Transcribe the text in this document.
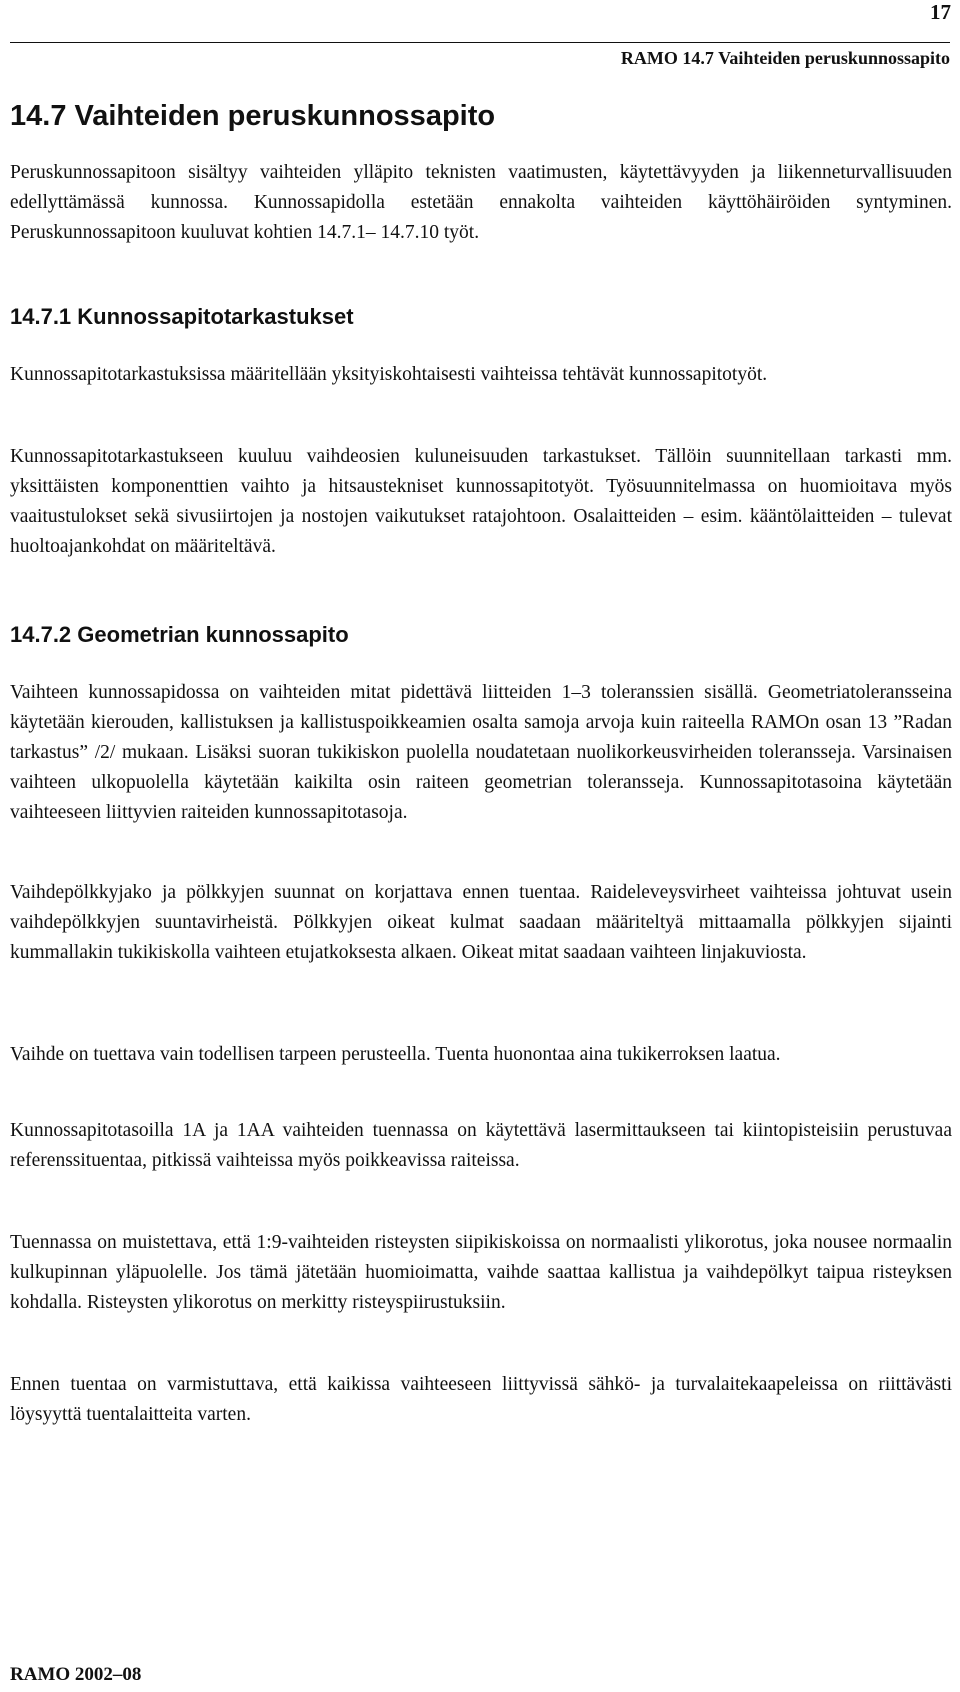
17
RAMO 14.7 Vaihteiden peruskunnossapito
14.7 Vaihteiden peruskunnossapito

Peruskunnossapitoon sisältyy vaihteiden ylläpito teknisten vaatimusten, käytettävyyden ja liikenneturvallisuuden edellyttämässä kunnossa. Kunnossapidolla estetään ennakolta vaihteiden käyttöhäiröiden syntyminen. Peruskunnossapitoon kuuluvat kohtien 14.7.1– 14.7.10 työt.

14.7.1 Kunnossapitotarkastukset

Kunnossapitotarkastuksissa määritellään yksityiskohtaisesti vaihteissa tehtävät kunnossapitotyöt.

Kunnossapitotarkastukseen kuuluu vaihdeosien kuluneisuuden tarkastukset. Tällöin suunnitellaan tarkasti mm. yksittäisten komponenttien vaihto ja hitsaustekniset kunnossapitotyöt. Työsuunnitelmassa on huomioitava myös vaaitustulokset sekä sivusiirtojen ja nostojen vaikutukset ratajohtoon. Osalaitteiden – esim. kääntölaitteiden – tulevat huoltoajankohdat on määriteltävä.

14.7.2 Geometrian kunnossapito

Vaihteen kunnossapidossa on vaihteiden mitat pidettävä liitteiden 1–3 toleranssien sisällä. Geometriatoleransseina käytetään kierouden, kallistuksen ja kallistuspoikkeamien osalta samoja arvoja kuin raiteella RAMOn osan 13 ”Radan tarkastus” /2/ mukaan. Lisäksi suoran tukikiskon puolella noudatetaan nuolikorkeusvirheiden toleransseja. Varsinaisen vaihteen ulkopuolella käytetään kaikilta osin raiteen geometrian toleransseja. Kunnossapitotasoina käytetään vaihteeseen liittyvien raiteiden kunnossapitotasoja.

Vaihdepölkkyjako ja pölkkyjen suunnat on korjattava ennen tuentaa. Raideleveysvirheet vaihteissa johtuvat usein vaihdepölkkyjen suuntavirheistä. Pölkkyjen oikeat kulmat saadaan määriteltyä mittaamalla pölkkyjen sijainti kummallakin tukikiskolla vaihteen etujatkoksesta alkaen. Oikeat mitat saadaan vaihteen linjakuviosta.

Vaihde on tuettava vain todellisen tarpeen perusteella. Tuenta huonontaa aina tukikerroksen laatua.

Kunnossapitotasoilla 1A ja 1AA vaihteiden tuennassa on käytettävä lasermittaukseen tai kiintopisteisiin perustuvaa referenssituentaa, pitkissä vaihteissa myös poikkeavissa raiteissa.

Tuennassa on muistettava, että 1:9-vaihteiden risteysten siipikiskoissa on normaalisti ylikorotus, joka nousee normaalin kulkupinnan yläpuolelle. Jos tämä jätetään huomioimatta, vaihde saattaa kallistua ja vaihdepölkyt taipua risteyksen kohdalla. Risteysten ylikorotus on merkitty risteyspiirustuksiin.

Ennen tuentaa on varmistuttava, että kaikissa vaihteeseen liittyvissä sähkö- ja turvalaitekaapeleissa on riittävästi löysyyttä tuentalaitteita varten.

RAMO 2002–08
